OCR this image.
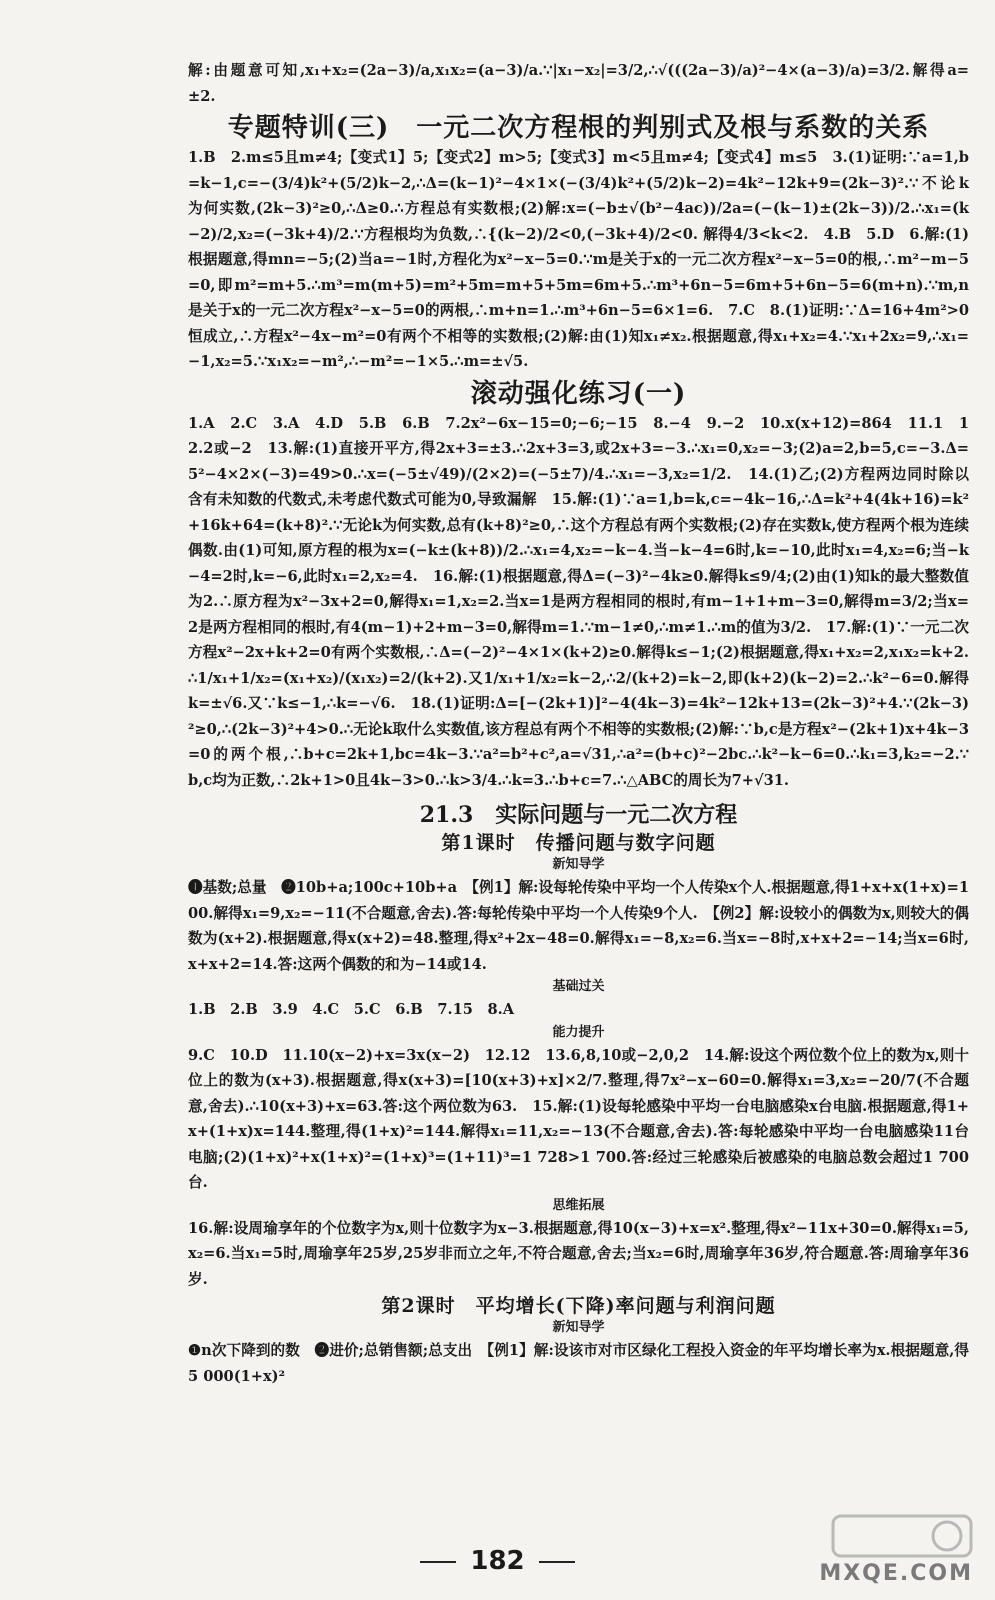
解:由题意可知,x₁+x₂=(2a−3)/a,x₁x₂=(a−3)/a.∵|x₁−x₂|=3/2,∴√(((2a−3)/a)²−4×(a−3)/a)=3/2.解得a=±2.

专题特训(三)　一元二次方程根的判别式及根与系数的关系

1.B　2.m≤5且m≠4;【变式1】5;【变式2】m>5;【变式3】m<5且m≠4;【变式4】m≤5　3.(1)证明:∵a=1,b=k−1,c=−(3/4)k²+(5/2)k−2,∴Δ=(k−1)²−4×1×(−(3/4)k²+(5/2)k−2)=4k²−12k+9=(2k−3)².∵不论k为何实数,(2k−3)²≥0,∴Δ≥0.∴方程总有实数根;(2)解:x=(−b±√(b²−4ac))/2a=(−(k−1)±(2k−3))/2.∴x₁=(k−2)/2,x₂=(−3k+4)/2.∵方程根均为负数,∴{(k−2)/2<0,(−3k+4)/2<0. 解得4/3<k<2.　4.B　5.D　6.解:(1)根据题意,得mn=−5;(2)当a=−1时,方程化为x²−x−5=0.∵m是关于x的一元二次方程x²−x−5=0的根,∴m²−m−5=0,即m²=m+5.∴m³=m(m+5)=m²+5m=m+5+5m=6m+5.∴m³+6n−5=6m+5+6n−5=6(m+n).∵m,n是关于x的一元二次方程x²−x−5=0的两根,∴m+n=1.∴m³+6n−5=6×1=6.　7.C　8.(1)证明:∵Δ=16+4m²>0恒成立,∴方程x²−4x−m²=0有两个不相等的实数根;(2)解:由(1)知x₁≠x₂.根据题意,得x₁+x₂=4.∵x₁+2x₂=9,∴x₁=−1,x₂=5.∵x₁x₂=−m²,∴−m²=−1×5.∴m=±√5.

滚动强化练习(一)

1.A　2.C　3.A　4.D　5.B　6.B　7.2x²−6x−15=0;−6;−15　8.−4　9.−2　10.x(x+12)=864　11.1　12.2或−2　13.解:(1)直接开平方,得2x+3=±3.∴2x+3=3,或2x+3=−3.∴x₁=0,x₂=−3;(2)a=2,b=5,c=−3.Δ=5²−4×2×(−3)=49>0.∴x=(−5±√49)/(2×2)=(−5±7)/4.∴x₁=−3,x₂=1/2.　14.(1)乙;(2)方程两边同时除以含有未知数的代数式,未考虑代数式可能为0,导致漏解　15.解:(1)∵a=1,b=k,c=−4k−16,∴Δ=k²+4(4k+16)=k²+16k+64=(k+8)².∵无论k为何实数,总有(k+8)²≥0,∴这个方程总有两个实数根;(2)存在实数k,使方程两个根为连续偶数.由(1)可知,原方程的根为x=(−k±(k+8))/2.∴x₁=4,x₂=−k−4.当−k−4=6时,k=−10,此时x₁=4,x₂=6;当−k−4=2时,k=−6,此时x₁=2,x₂=4.　16.解:(1)根据题意,得Δ=(−3)²−4k≥0.解得k≤9/4;(2)由(1)知k的最大整数值为2.∴原方程为x²−3x+2=0,解得x₁=1,x₂=2.当x=1是两方程相同的根时,有m−1+1+m−3=0,解得m=3/2;当x=2是两方程相同的根时,有4(m−1)+2+m−3=0,解得m=1.∵m−1≠0,∴m≠1.∴m的值为3/2.　17.解:(1)∵一元二次方程x²−2x+k+2=0有两个实数根,∴Δ=(−2)²−4×1×(k+2)≥0.解得k≤−1;(2)根据题意,得x₁+x₂=2,x₁x₂=k+2.∴1/x₁+1/x₂=(x₁+x₂)/(x₁x₂)=2/(k+2).又1/x₁+1/x₂=k−2,∴2/(k+2)=k−2,即(k+2)(k−2)=2.∴k²−6=0.解得k=±√6.又∵k≤−1,∴k=−√6.　18.(1)证明:Δ=[−(2k+1)]²−4(4k−3)=4k²−12k+13=(2k−3)²+4.∵(2k−3)²≥0,∴(2k−3)²+4>0.∴无论k取什么实数值,该方程总有两个不相等的实数根;(2)解:∵b,c是方程x²−(2k+1)x+4k−3=0的两个根,∴b+c=2k+1,bc=4k−3.∵a²=b²+c²,a=√31,∴a²=(b+c)²−2bc.∴k²−k−6=0.∴k₁=3,k₂=−2.∵b,c均为正数,∴2k+1>0且4k−3>0.∴k>3/4.∴k=3.∴b+c=7.∴△ABC的周长为7+√31.

21.3　实际问题与一元二次方程
第1课时　传播问题与数字问题

新知导学

❶基数;总量　❷10b+a;100c+10b+a　【例1】解:设每轮传染中平均一个人传染x个人.根据题意,得1+x+x(1+x)=100.解得x₁=9,x₂=−11(不合题意,舍去).答:每轮传染中平均一个人传染9个人.　【例2】解:设较小的偶数为x,则较大的偶数为(x+2).根据题意,得x(x+2)=48.整理,得x²+2x−48=0.解得x₁=−8,x₂=6.当x=−8时,x+x+2=−14;当x=6时,x+x+2=14.答:这两个偶数的和为−14或14.

基础过关

1.B　2.B　3.9　4.C　5.C　6.B　7.15　8.A

能力提升

9.C　10.D　11.10(x−2)+x=3x(x−2)　12.12　13.6,8,10或−2,0,2　14.解:设这个两位数个位上的数为x,则十位上的数为(x+3).根据题意,得x(x+3)=[10(x+3)+x]×2/7.整理,得7x²−x−60=0.解得x₁=3,x₂=−20/7(不合题意,舍去).∴10(x+3)+x=63.答:这个两位数为63.　15.解:(1)设每轮感染中平均一台电脑感染x台电脑.根据题意,得1+x+(1+x)x=144.整理,得(1+x)²=144.解得x₁=11,x₂=−13(不合题意,舍去).答:每轮感染中平均一台电脑感染11台电脑;(2)(1+x)²+x(1+x)²=(1+x)³=(1+11)³=1 728>1 700.答:经过三轮感染后被感染的电脑总数会超过1 700台.

思维拓展

16.解:设周瑜享年的个位数字为x,则十位数字为x−3.根据题意,得10(x−3)+x=x².整理,得x²−11x+30=0.解得x₁=5,x₂=6.当x₁=5时,周瑜享年25岁,25岁非而立之年,不符合题意,舍去;当x₂=6时,周瑜享年36岁,符合题意.答:周瑜享年36岁.

第2课时　平均增长(下降)率问题与利润问题

新知导学

❶n次下降到的数　❷进价;总销售额;总支出　【例1】解:设该市对市区绿化工程投入资金的年平均增长率为x.根据题意,得5 000(1+x)²

182	MXQE.COM
